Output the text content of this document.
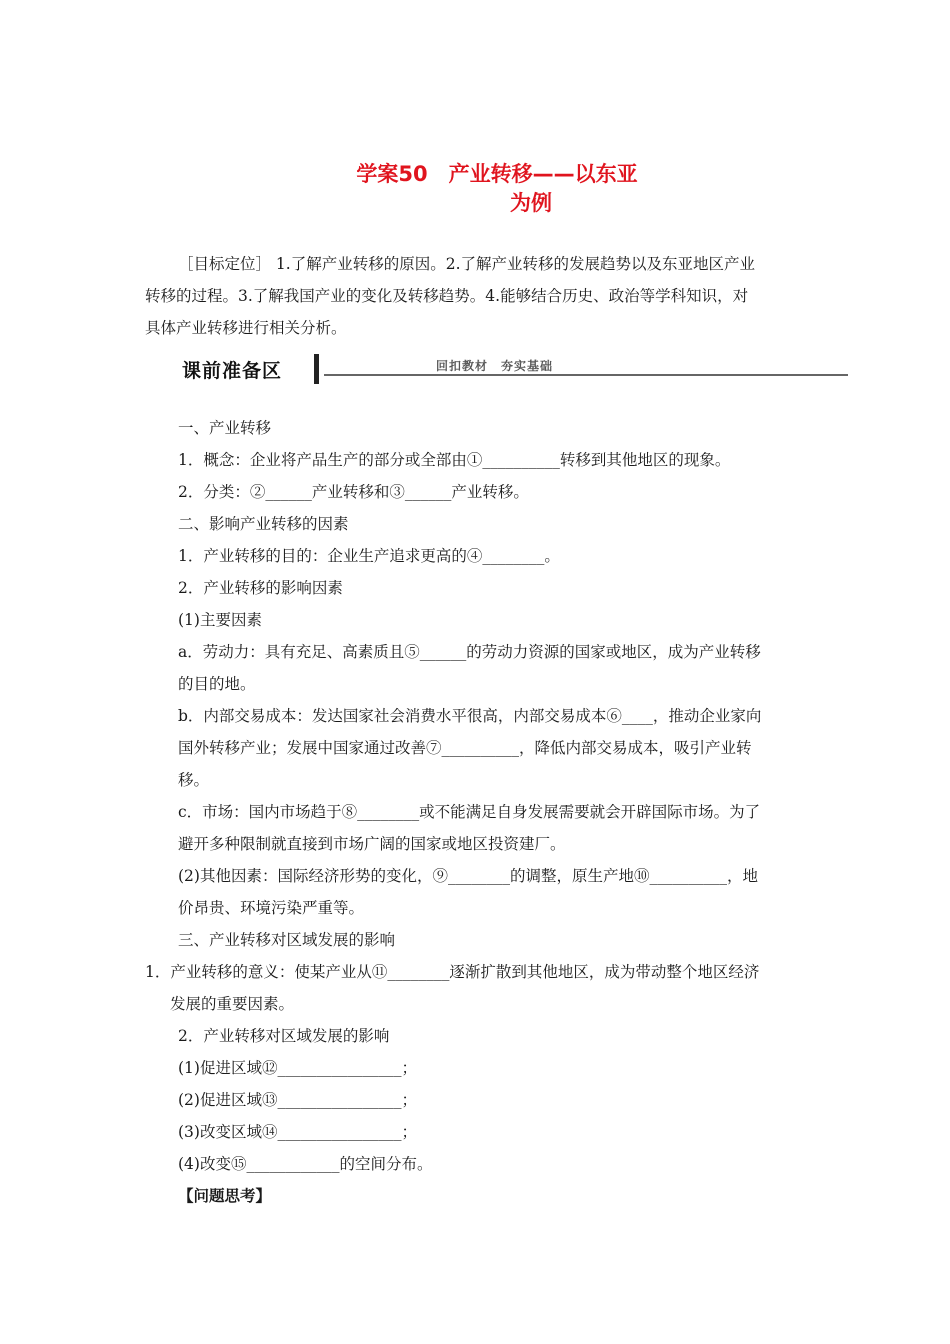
学案50　产业转移——以东亚
为例
［目标定位］ 1.了解产业转移的原因。2.了解产业转移的发展趋势以及东亚地区产业
转移的过程。3.了解我国产业的变化及转移趋势。4.能够结合历史、政治等学科知识，对
具体产业转移进行相关分析。
课前准备区	回扣教材　夯实基础
一、产业转移
1．概念：企业将产品生产的部分或全部由①__________转移到其他地区的现象。
2．分类：②______产业转移和③______产业转移。
二、影响产业转移的因素
1．产业转移的目的：企业生产追求更高的④________。
2．产业转移的影响因素
(1)主要因素
a．劳动力：具有充足、高素质且⑤______的劳动力资源的国家或地区，成为产业转移
的目的地。
b．内部交易成本：发达国家社会消费水平很高，内部交易成本⑥____，推动企业家向
国外转移产业；发展中国家通过改善⑦__________，降低内部交易成本，吸引产业转
移。
c．市场：国内市场趋于⑧________或不能满足自身发展需要就会开辟国际市场。为了
避开多种限制就直接到市场广阔的国家或地区投资建厂。
(2)其他因素：国际经济形势的变化，⑨________的调整，原生产地⑩__________，地
价昂贵、环境污染严重等。
三、产业转移对区域发展的影响
1．产业转移的意义：使某产业从⑪________逐渐扩散到其他地区，成为带动整个地区经济
发展的重要因素。
2．产业转移对区域发展的影响
(1)促进区域⑫________________；
(2)促进区域⑬________________；
(3)改变区域⑭________________；
(4)改变⑮____________的空间分布。
【问题思考】
